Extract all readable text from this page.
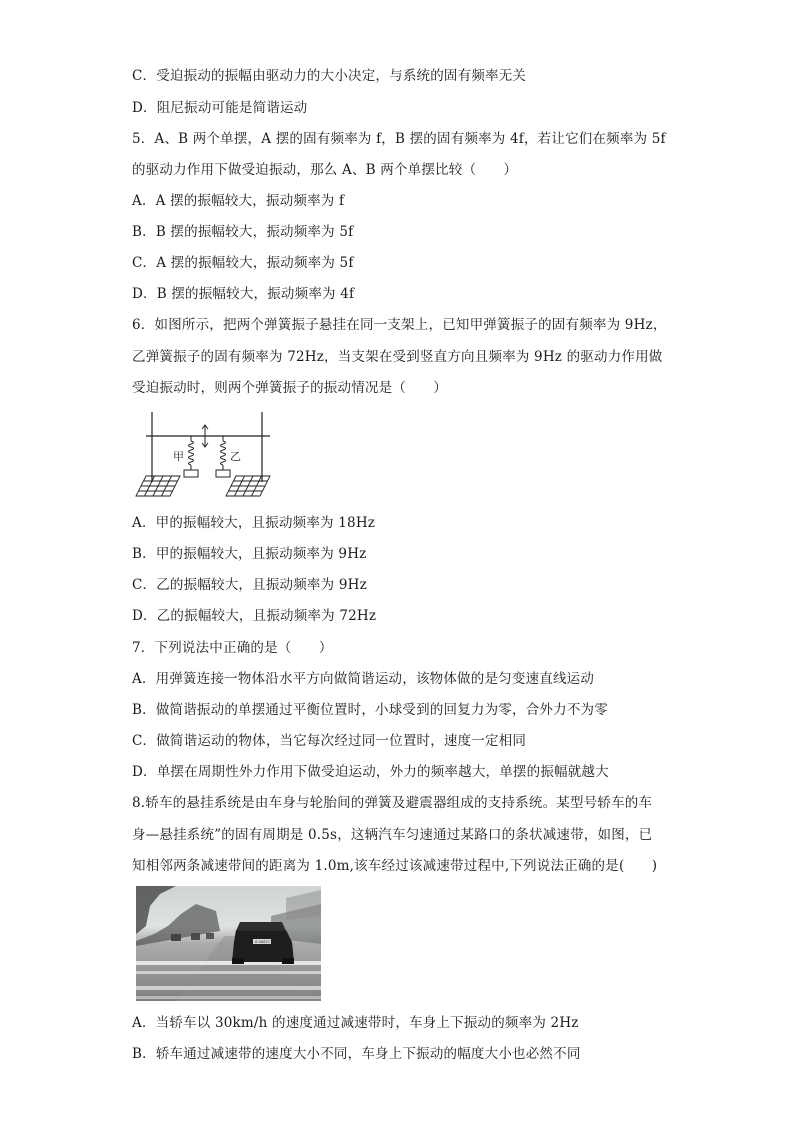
C．受迫振动的振幅由驱动力的大小决定，与系统的固有频率无关
D．阻尼振动可能是简谐运动
5．A、B 两个单摆，A 摆的固有频率为 f，B 摆的固有频率为 4f，若让它们在频率为 5f
的驱动力作用下做受迫振动，那么 A、B 两个单摆比较（　　）
A．A 摆的振幅较大，振动频率为 f
B．B 摆的振幅较大，振动频率为 5f
C．A 摆的振幅较大，振动频率为 5f
D．B 摆的振幅较大，振动频率为 4f
6．如图所示，把两个弹簧振子悬挂在同一支架上，已知甲弹簧振子的固有频率为 9Hz，
乙弹簧振子的固有频率为 72Hz，当支架在受到竖直方向且频率为 9Hz 的驱动力作用做
受迫振动时，则两个弹簧振子的振动情况是（　　）
甲	乙
A．甲的振幅较大，且振动频率为 18Hz
B．甲的振幅较大，且振动频率为 9Hz
C．乙的振幅较大，且振动频率为 9Hz
D．乙的振幅较大，且振动频率为 72Hz
7．下列说法中正确的是（　　）
A．用弹簧连接一物体沿水平方向做简谐运动，该物体做的是匀变速直线运动
B．做简谐振动的单摆通过平衡位置时，小球受到的回复力为零，合外力不为零
C．做简谐运动的物体，当它每次经过同一位置时，速度一定相同
D．单摆在周期性外力作用下做受迫运动，外力的频率越大，单摆的振幅就越大
8.轿车的悬挂系统是由车身与轮胎间的弹簧及避震器组成的支持系统。某型号轿车的车
身—悬挂系统”的固有周期是 0.5s，这辆汽车匀速通过某路口的条状减速带，如图，已
知相邻两条减速带间的距离为 1.0m,该车经过该减速带过程中,下列说法正确的是(　　)
A·3A027
A．当轿车以 30km/h 的速度通过减速带时，车身上下振动的频率为 2Hz
B．轿车通过减速带的速度大小不同，车身上下振动的幅度大小也必然不同
